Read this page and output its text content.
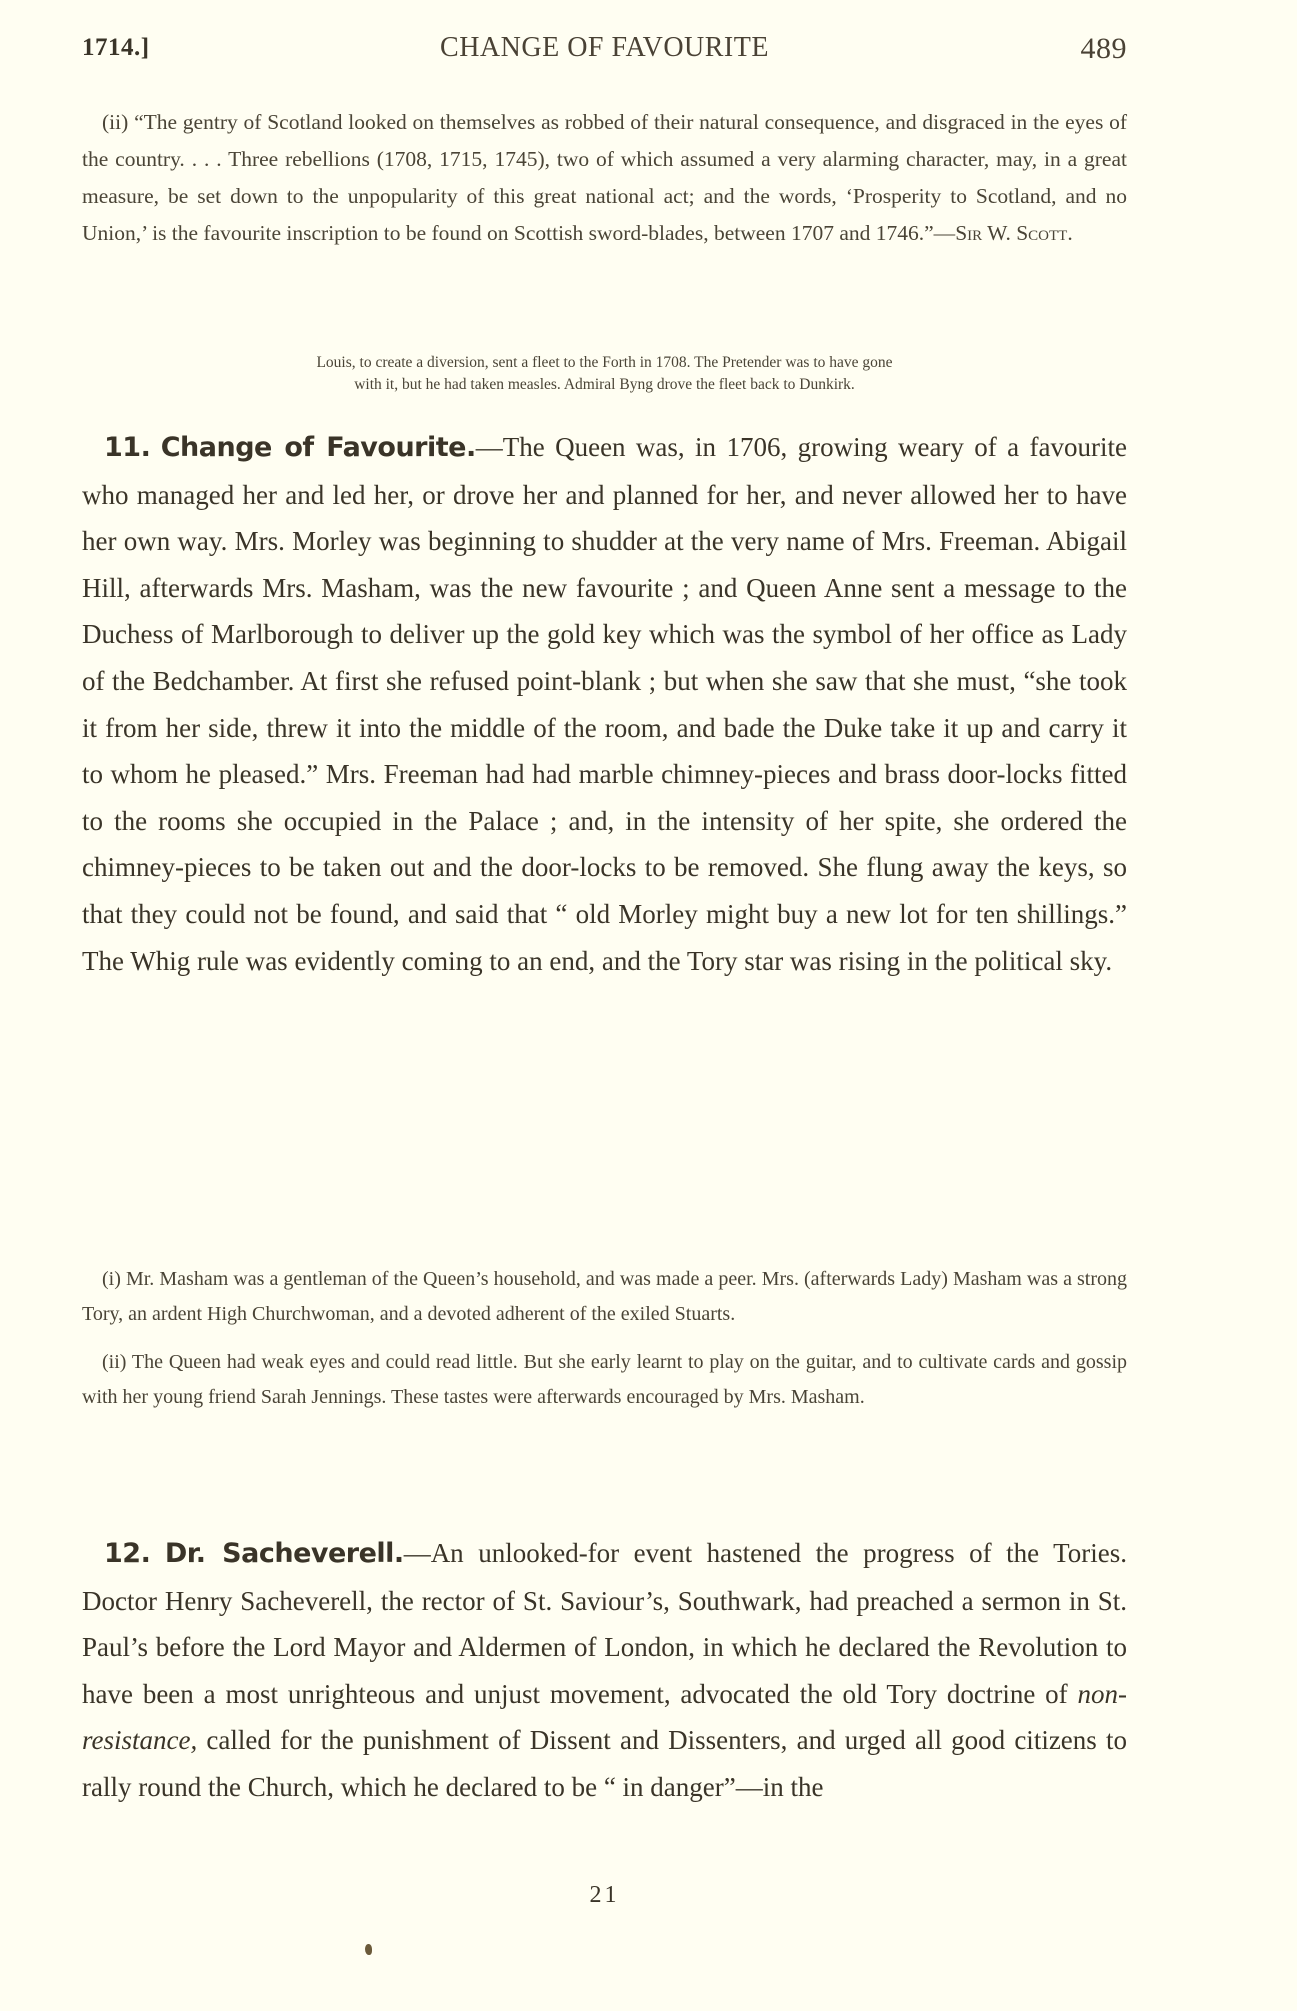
1714.]	CHANGE OF FAVOURITE	489

(ii) “The gentry of Scotland looked on themselves as robbed of their natural consequence, and disgraced in the eyes of the country. . . . Three rebellions (1708, 1715, 1745), two of which assumed a very alarming character, may, in a great measure, be set down to the unpopularity of this great national act; and the words, ‘Prosperity to Scotland, and no Union,’ is the favourite inscription to be found on Scottish sword-blades, between 1707 and 1746.”—Sir W. Scott.

Louis, to create a diversion, sent a fleet to the Forth in 1708. The Pretender was to have gone
with it, but he had taken measles. Admiral Byng drove the fleet back to Dunkirk.

11. Change of Favourite.—The Queen was, in 1706, growing weary of a favourite who managed her and led her, or drove her and planned for her, and never allowed her to have her own way. Mrs. Morley was beginning to shudder at the very name of Mrs. Freeman. Abigail Hill, afterwards Mrs. Masham, was the new favourite ; and Queen Anne sent a message to the Duchess of Marlborough to deliver up the gold key which was the symbol of her office as Lady of the Bedchamber. At first she refused point-blank ; but when she saw that she must, “she took it from her side, threw it into the middle of the room, and bade the Duke take it up and carry it to whom he pleased.” Mrs. Freeman had had marble chimney-pieces and brass door-locks fitted to the rooms she occupied in the Palace ; and, in the intensity of her spite, she ordered the chimney-pieces to be taken out and the door-locks to be removed. She flung away the keys, so that they could not be found, and said that “ old Morley might buy a new lot for ten shillings.” The Whig rule was evidently coming to an end, and the Tory star was rising in the political sky.

(i) Mr. Masham was a gentleman of the Queen’s household, and was made a peer. Mrs. (afterwards Lady) Masham was a strong Tory, an ardent High Churchwoman, and a devoted adherent of the exiled Stuarts.

(ii) The Queen had weak eyes and could read little. But she early learnt to play on the guitar, and to cultivate cards and gossip with her young friend Sarah Jennings. These tastes were afterwards encouraged by Mrs. Masham.

12. Dr. Sacheverell.—An unlooked-for event hastened the progress of the Tories. Doctor Henry Sacheverell, the rector of St. Saviour’s, Southwark, had preached a sermon in St. Paul’s before the Lord Mayor and Aldermen of London, in which he declared the Revolution to have been a most unrighteous and unjust movement, advocated the old Tory doctrine of non-resistance, called for the punishment of Dissent and Dissenters, and urged all good citizens to rally round the Church, which he declared to be “ in danger”—in the

21
